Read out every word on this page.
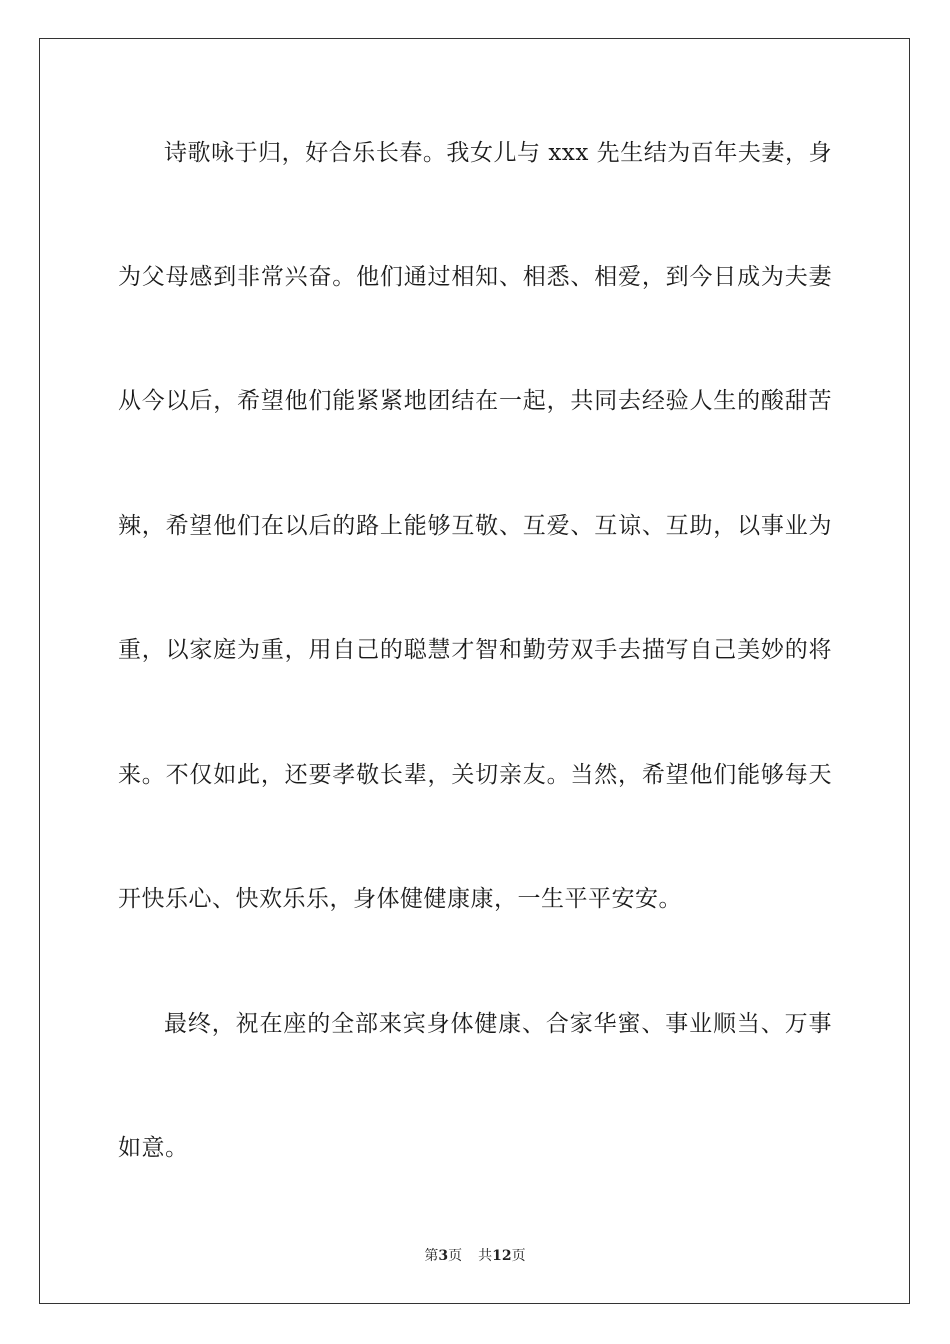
诗歌咏于归，好合乐长春。我女儿与 xxx 先生结为百年夫妻，身
为父母感到非常兴奋。他们通过相知、相悉、相爱，到今日成为夫妻
从今以后，希望他们能紧紧地团结在一起，共同去经验人生的酸甜苦
辣，希望他们在以后的路上能够互敬、互爱、互谅、互助，以事业为
重，以家庭为重，用自己的聪慧才智和勤劳双手去描写自己美妙的将
来。不仅如此，还要孝敬长辈，关切亲友。当然，希望他们能够每天
开快乐心、快欢乐乐，身体健健康康，一生平平安安。
最终，祝在座的全部来宾身体健康、合家华蜜、事业顺当、万事
如意。
第3页 共12页
